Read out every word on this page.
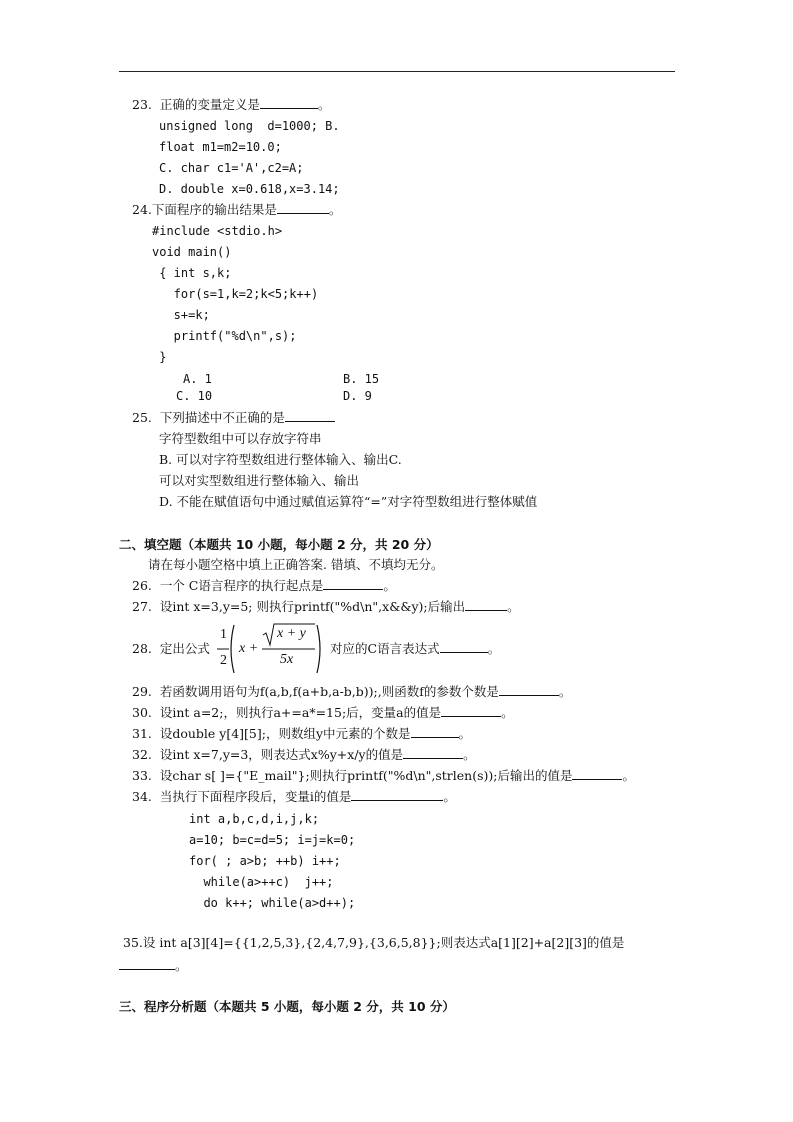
23.  正确的变量定义是	。
unsigned long  d=1000; B.
float m1=m2=10.0;
C. char c1='A',c2=A;
D. double x=0.618,x=3.14;
24.下面程序的输出结果是	。
#include <stdio.h>
void main()
{ int s,k;
for(s=1,k=2;k<5;k++)
s+=k;
printf("%d\n",s);
}
A. 1	B. 15
C. 10	D. 9
25.  下列描述中不正确的是
字符型数组中可以存放字符串
B. 可以对字符型数组进行整体输入、输出C.
可以对实型数组进行整体输入、输出
D. 不能在赋值语句中通过赋值运算符“=”对字符型数组进行整体赋值
二、填空题（本题共 10 小题，每小题 2 分，共 20 分）
请在每小题空格中填上正确答案. 错填、不填均无分。
26.  一个 C语言程序的执行起点是	。
27.  设int x=3,y=5; 则执行printf("%d\n",x&&y);后输出	。
28.  定出公式
1
2
x +
x + y
5x
对应的C语言表达式	。
29.  若函数调用语句为f(a,b,f(a+b,a-b,b));,则函数f的参数个数是	。
30.  设int a=2;，则执行a+=a*=15;后，变量a的值是	。
31.  设double y[4][5];，则数组y中元素的个数是	。
32.  设int x=7,y=3，则表达式x%y+x/y的值是	。
33.  设char s[ ]={"E_mail"};则执行printf("%d\n",strlen(s));后输出的值是	。
34.  当执行下面程序段后，变量i的值是	。
int a,b,c,d,i,j,k;
a=10; b=c=d=5; i=j=k=0;
for( ; a>b; ++b) i++;
while(a>++c)  j++;
do k++; while(a>d++);
35.设 int a[3][4]={{1,2,5,3},{2,4,7,9},{3,6,5,8}};则表达式a[1][2]+a[2][3]的值是
。
三、程序分析题（本题共 5 小题，每小题 2 分，共 10 分）
